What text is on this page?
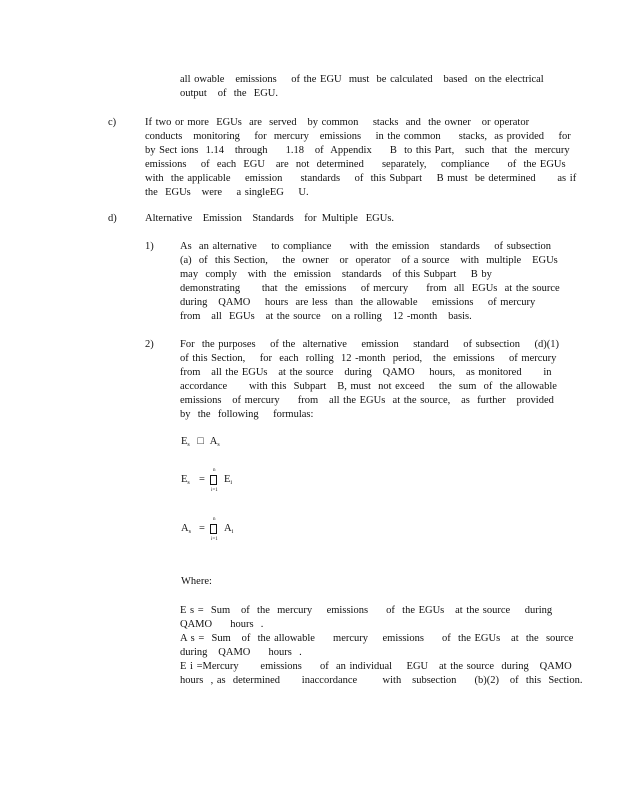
all owable   emissions    of the EGU  must  be calculated   based  on the electrical
output   of  the  EGU.
c)	If two or more  EGUs  are  served   by common    stacks  and  the owner   or operator
conducts   monitoring    for  mercury   emissions    in the common     stacks,  as provided    for
by Sect ions  1.14   through     1.18   of  Appendix     B  to this Part,   such  that  the  mercury
emissions    of  each  EGU   are  not  determined     separately,    compliance     of  the EGUs
with  the applicable    emission     standards    of  this Subpart    B must  be determined      as if
the  EGUs   were    a singleEG    U.
d)	Alternative    Emission    Standards    for  Multiple   EGUs.
1)	As  an alternative    to compliance     with  the emission   standards    of subsection
(a)  of  this Section,    the  owner   or  operator   of a source   with  multiple   EGUs
may  comply   with  the  emission   standards   of this Subpart    B by
demonstrating      that  the  emissions    of mercury     from  all  EGUs  at the source
during   QAMO    hours  are less  than  the allowable    emissions    of mercury
from   all  EGUs   at the source   on a rolling   12 -month   basis.
2)	For  the purposes    of the  alternative    emission    standard    of subsection    (d)(1)
of this Section,    for  each  rolling  12 -month  period,   the  emissions    of mercury
from   all the EGUs   at the source   during   QAMO    hours,   as monitored      in
accordance      with this  Subpart   B, must  not exceed    the  sum  of  the allowable
emissions   of mercury     from   all the EGUs  at the source,   as  further   provided
by  the  following    formulas:
$E_s$ □ $A_s$
$E_s$ =
n
i=1
$E_i$
$A_s$ =
n
i=1
$A_i$
Where:
E s =  Sum   of  the  mercury    emissions     of  the EGUs   at the source    during
QAMO     hours  .
A s =  Sum   of  the allowable     mercury    emissions     of  the EGUs   at  the  source
during   QAMO     hours  .
E i =Mercury      emissions     of  an individual    EGU   at the source  during   QAMO
hours  , as  determined      inaccordance       with   subsection     (b)(2)   of  this  Section.
